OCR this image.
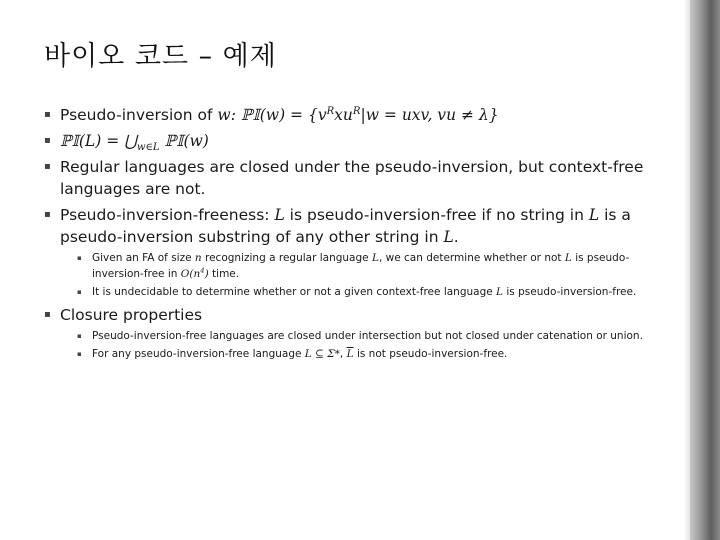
바이오 코드 – 예제
▪ Pseudo-inversion of w: ℙ𝕀(w) = {$v^Rxu^R|w$ = uxv, vu ≠ λ}
▪ ℙ𝕀(L) = $⋃_{w\in L}$ ℙ𝕀(w)
▪ Regular languages are closed under the pseudo-inversion, but context-free languages are not.
▪ Pseudo-inversion-freeness: L is pseudo-inversion-free if no string in L is a pseudo-inversion substring of any other string in L.
▪ Given an FA of size n recognizing a regular language L, we can determine whether or not L is pseudo-inversion-free in $O(n^4)$ time.
▪ It is undecidable to determine whether or not a given context-free language L is pseudo-inversion-free.
▪ Closure properties
▪ Pseudo-inversion-free languages are closed under intersection but not closed under catenation or union.
▪ For any pseudo-inversion-free language L ⊆ Σ*, $\overline{L}$ is not pseudo-inversion-free.
